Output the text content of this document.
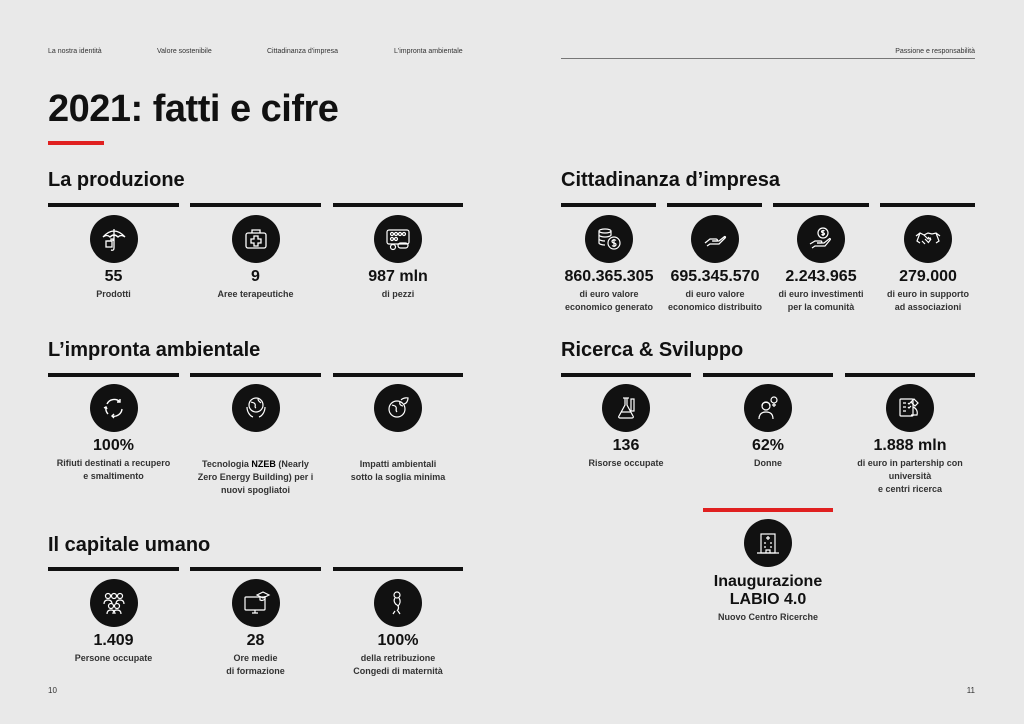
La nostra identità	Valore sostenibile	Cittadinanza d'impresa	L'impronta ambientale	Passione e responsabilità
2021: fatti e cifre
La produzione
55
Prodotti
9
Aree terapeutiche
987 mln
di pezzi
L’impronta ambientale
100%
Rifiuti destinati a recupero
e smaltimento
Tecnologia NZEB (Nearly
Zero Energy Building) per i
nuovi spogliatoi
Impatti ambientali
sotto la soglia minima
Il capitale umano
1.409
Persone occupate
28
Ore medie
di formazione
100%
della retribuzione
Congedi di maternità
Cittadinanza d’impresa
860.365.305
di euro valore
economico generato
695.345.570
di euro valore
economico distribuito
2.243.965
di euro investimenti
per la comunità
279.000
di euro in supporto
ad associazioni
Ricerca & Sviluppo
136
Risorse occupate
62%
Donne
1.888 mln
di euro in partership con
università
e centri ricerca
Inaugurazione
LABIO 4.0
Nuovo Centro Ricerche
10	11
